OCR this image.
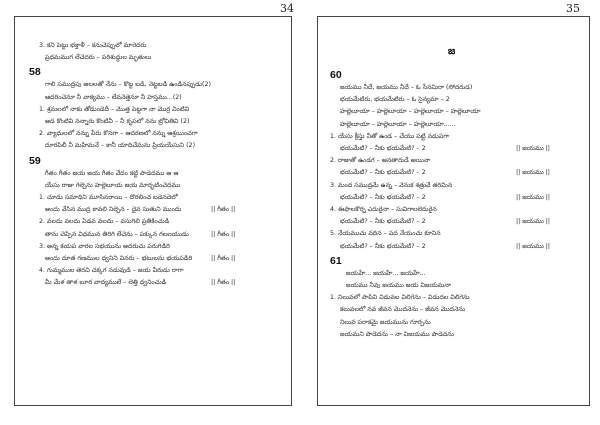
34	35
3. కని పెట్టు భక్తాళీ – కనుచెప్పులో మారెదరు
ప్రధమముగ లేచెదరు – పరిశుద్ధుల మృతులు
58
గాలి సముద్రపు అలలతో నేను – కొట్ట బడి, నెట్టబడి ఉండినప్పుడు(2)
ఆదరించెనూ నీ వాక్యము – లేవనెత్తెనూ నీ హస్తము...(2)
1. శ్రమలలో నాకు తోడుండెదీ – మొత్త పెట్టగా నా మొర్ర వింటివి
అడ కొంటివి నన్నారు కొంటివీ – నీ కృపలో నను బ్రోచితివి (2)
2. వ్యాధులలో నన్ను పేరు కొనగా – ఆదరణలో నన్ను ఆశ్రయించగా
దూరపిలీ నీ మహిమనే – కానీ యాదిచేమను ప్రియయేసుని (2)
59
గీతం గీతం జయ జయ గీతం వేదం కట్టి పాడెదము ఆ ఆ
యేసు రాజు గెల్చెను హల్లెలూయ జయ మార్భటించెదము
1. చూడు సమాధిని మూసినరాయి – దొరలించ బడెనదెలో
అందు వేసిన ముద్ర కావలి నిల్చెన – దైవ సుతుని ముందు
2. వలదు వలదు ఏడవ వలదు – వసుగిలి ప్రతికించుడి
తాను చెప్పిన విధమున తిరిగి లేచెను – పక్కున గలలయుడు
3. అన్న కయప వారల సభయును అదరుచు పరుగిడిరి
అందు దూత గణముల ధ్వనిని వినరు – భటులను భయపడిరి
4. గుమ్మముల తెరచి చక్కగ నడువుడి – జయ వీరుడు రాగా
మీ మేళ తాళ బూర వాద్యములే – లెత్తి ధ్వనించుడి
|| గీతం ||
|| గీతం ||
|| గీతం ||
|| గీతం ||
జ
60
జయము నీదే, జయము నీదే – ఓ సేనమిరా (సోదరుడ)
భయమేటిరు, భయమేటిరు – ఓ సైన్యమా – 2
హల్లెలూయా – హల్లెలూయా – హల్లెలూయా – హల్లెలూయా
హల్లెలూయా – హల్లెలూయా – హల్లెలూయా......
1. యేసు క్రీస్తు నీతో ఉండ – చేయు పట్టి నడుపగా
భయమేటి? – నీకు భయమేటి? – 2
2. రాజుతో ఉండగ – అనతారుడే అయినా
భయమేటి? – నీకు భయమేటి? – 2
3. మంద సముద్రమే ఉన్న – వెనుక శత్రువే తరిమిన
భయమేటి? – నీకు భయమేటి? – 2
4. ఈఫాలకొర్న ఎదురైనా – సువిగాలలెదురైన
భయమేటి? – నీకు భయమేటి? – 2
5. నేయముచు వదిన – పద నేయంచు కూనిన
భయమేటి? – నీకు భయమేటి? – 2
61
జయహే... జయహే... జయహే...
జయము నీవు జయము జయ విజయమనా
1. నిలువలో పాపిని విడువల విలిగెను – విడుదల విలిగెను
కలువలలో నవ జీవన మొదనెను – జీవన మొదనెను
నిలువ పరాకమై జయమును గూర్పను
జయమని పాడెదను – నా విజయము పాడెదను
|| జయము ||
|| జయము ||
|| జయము ||
|| జయము ||
|| జయము ||
